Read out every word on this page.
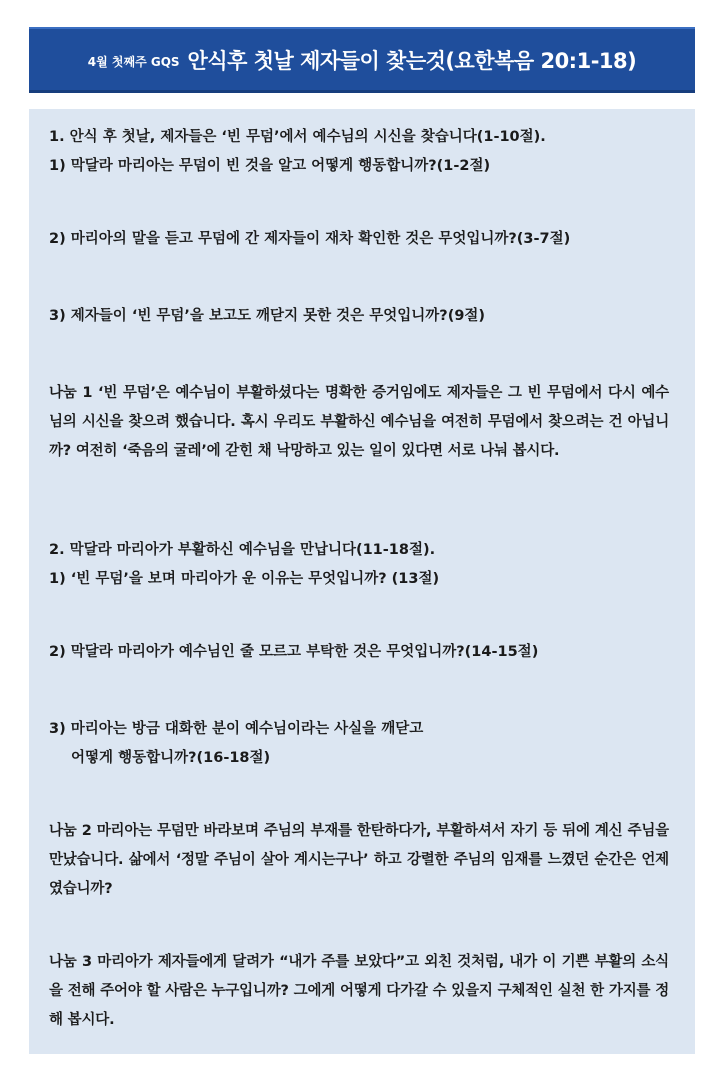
4월 첫째주 GQS 안식후 첫날 제자들이 찾는것(요한복음 20:1-18)
1. 안식 후 첫날, 제자들은 ‘빈 무덤’에서 예수님의 시신을 찾습니다(1-10절).
1) 막달라 마리아는 무덤이 빈 것을 알고 어떻게 행동합니까?(1-2절)
2) 마리아의 말을 듣고 무덤에 간 제자들이 재차 확인한 것은 무엇입니까?(3-7절)
3) 제자들이 ‘빈 무덤’을 보고도 깨닫지 못한 것은 무엇입니까?(9절)

나눔 1 ‘빈 무덤’은 예수님이 부활하셨다는 명확한 증거임에도 제자들은 그 빈 무덤에서 다시 예수님의 시신을 찾으려 했습니다. 혹시 우리도 부활하신 예수님을 여전히 무덤에서 찾으려는 건 아닙니까? 여전히 ‘죽음의 굴레’에 갇힌 채 낙망하고 있는 일이 있다면 서로 나눠 봅시다.

2. 막달라 마리아가 부활하신 예수님을 만납니다(11-18절).
1) ‘빈 무덤’을 보며 마리아가 운 이유는 무엇입니까? (13절)
2) 막달라 마리아가 예수님인 줄 모르고 부탁한 것은 무엇입니까?(14-15절)
3) 마리아는 방금 대화한 분이 예수님이라는 사실을 깨닫고
어떻게 행동합니까?(16-18절)

나눔 2 마리아는 무덤만 바라보며 주님의 부재를 한탄하다가, 부활하셔서 자기 등 뒤에 계신 주님을 만났습니다. 삶에서 ‘정말 주님이 살아 계시는구나’ 하고 강렬한 주님의 임재를 느꼈던 순간은 언제였습니까?

나눔 3 마리아가 제자들에게 달려가 “내가 주를 보았다”고 외친 것처럼, 내가 이 기쁜 부활의 소식을 전해 주어야 할 사람은 누구입니까? 그에게 어떻게 다가갈 수 있을지 구체적인 실천 한 가지를 정해 봅시다.
